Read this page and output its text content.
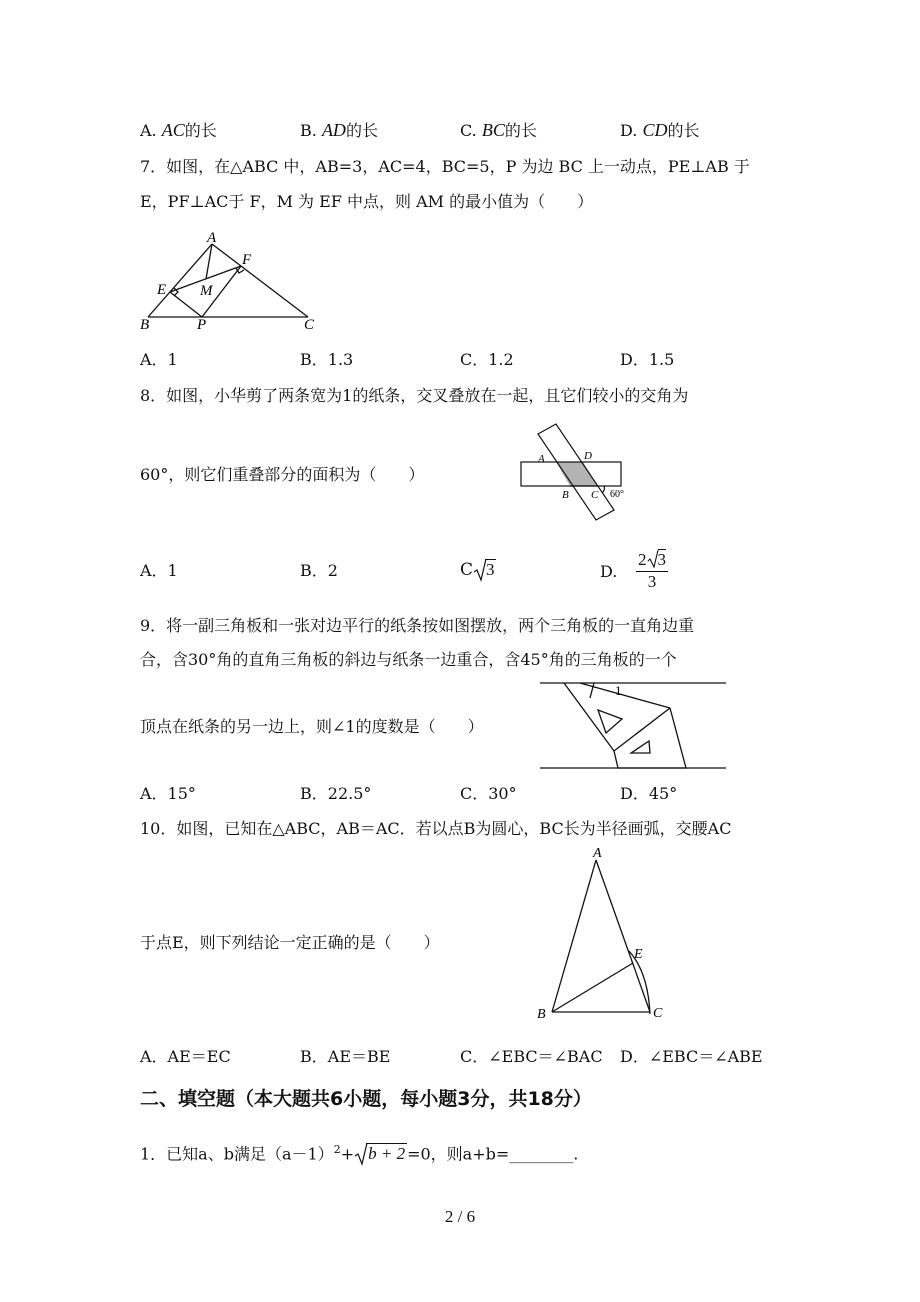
A. AC的长	B. AD的长	C. BC的长	D. CD的长
7．如图，在△ABC 中，AB=3，AC=4，BC=5，P 为边 BC 上一动点，PE⊥AB 于
E，PF⊥AC于 F，M 为 EF 中点，则 AM 的最小值为（　　）
A
E
F
M
B	P	C
A．1	B．1.3	C．1.2	D．1.5
8．如图，小华剪了两条宽为1的纸条，交叉叠放在一起，且它们较小的交角为
60°，则它们重叠部分的面积为（　　）
A	D
B C 60°
A．1	B．2	C 3	D.
2 3
3
9．将一副三角板和一张对边平行的纸条按如图摆放，两个三角板的一直角边重
合，含30°角的直角三角板的斜边与纸条一边重合，含45°角的三角板的一个
顶点在纸条的另一边上，则∠1的度数是（　　）
1
A．15°	B．22.5°	C．30°	D．45°
10．如图，已知在△ABC，AB＝AC．若以点B为圆心，BC长为半径画弧，交腰AC
于点E，则下列结论一定正确的是（　　）
A
E
B	C
A．AE＝EC	B．AE＝BE	C．∠EBC＝∠BAC D．∠EBC＝∠ABE
二、填空题（本大题共6小题，每小题3分，共18分）
1．已知a、b满足$(a-1)^2+ b + 2 =0$，则a+b=________.
2 / 6
